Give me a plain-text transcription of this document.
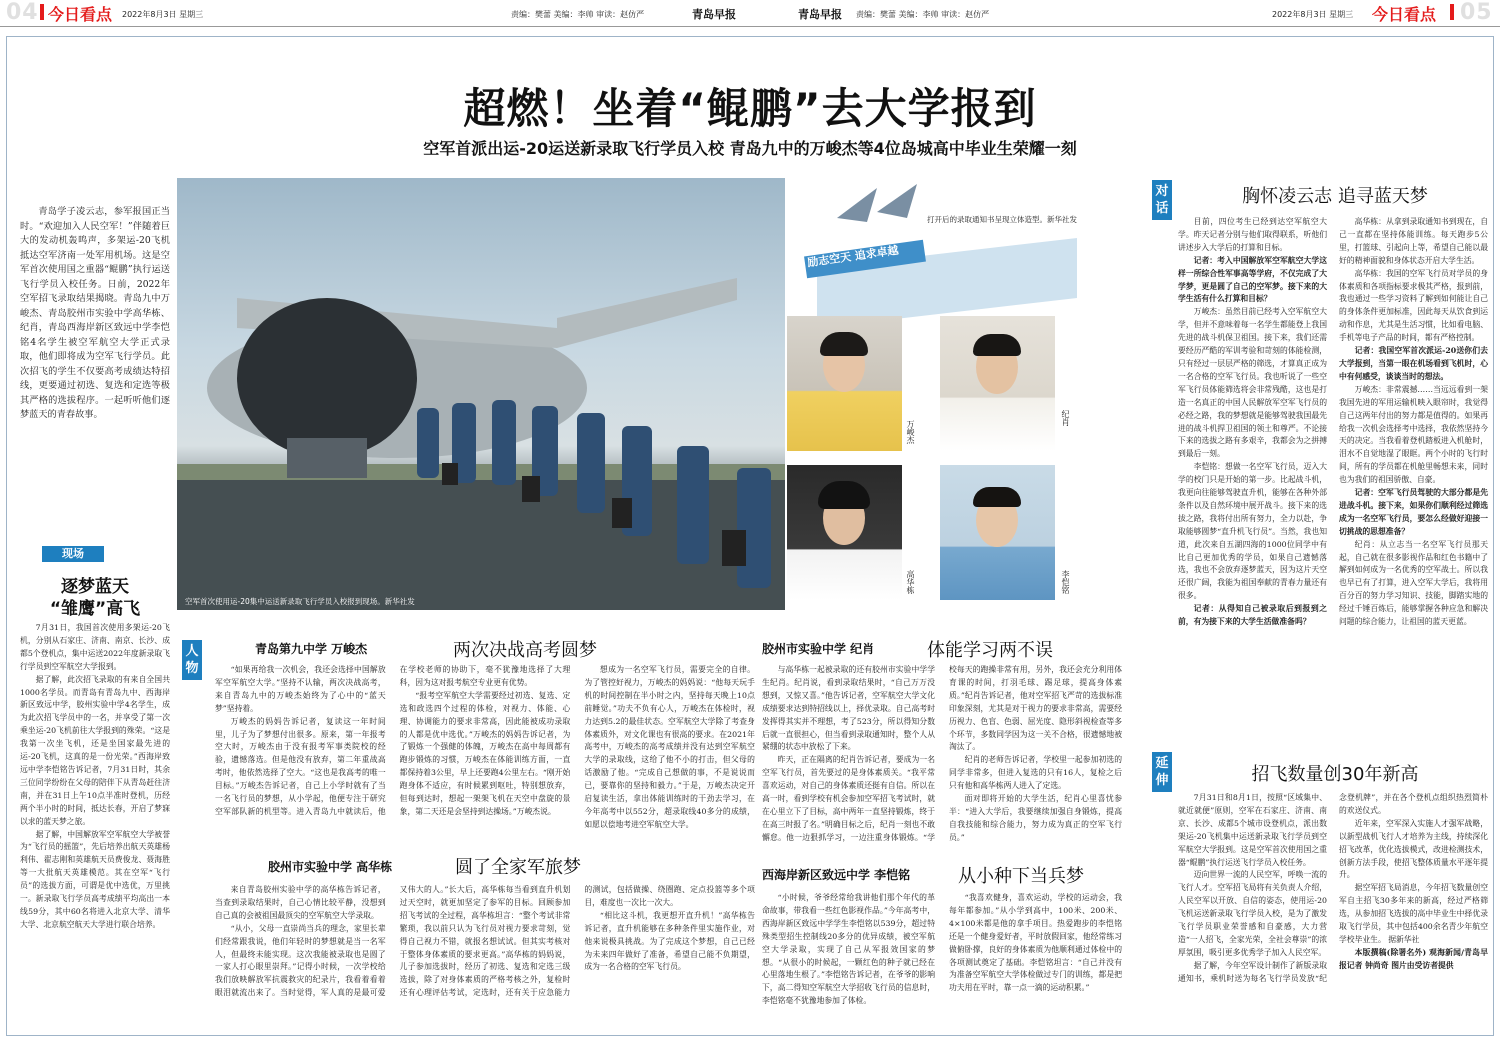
04 今日看点 2022年8月3日 星期三	责编：樊蕾 美编：李帅 审读：赵仿严	青岛早报	青岛早报 责编：樊蕾 美编：李帅 审读：赵仿严	2022年8月3日 星期三 今日看点 05
超燃！坐着“鲲鹏”去大学报到
空军首派出运-20运送新录取飞行学员入校 青岛九中的万峻杰等4位岛城高中毕业生荣耀一刻
青岛学子凌云志，参军报国正当时。“欢迎加入人民空军！”伴随着巨大的发动机轰鸣声，多架运-20飞机抵达空军济南一处军用机场。这是空军首次使用国之重器“鲲鹏”执行运送飞行学员入校任务。日前，2022年空军招飞录取结果揭晓。青岛九中万峻杰、青岛胶州市实验中学高华栋、纪肖，青岛西海岸新区致远中学李恺铭4名学生被空军航空大学正式录取，他们即将成为空军飞行学员。此次招飞的学生不仅要高考成绩达特招线，更要通过初选、复选和定选等极其严格的选拔程序。一起听听他们逐梦蓝天的青春故事。
现场
逐梦蓝天
“雏鹰”高飞

7月31日，我国首次使用多架运-20飞机，分别从石家庄、济南、南京、长沙、成都5个登机点，集中运送2022年度新录取飞行学员到空军航空大学报到。

据了解，此次招飞录取的有来自全国共1000名学员。而青岛有青岛九中、西海岸新区致远中学，胶州实验中学4名学生，成为此次招飞学员中的一名，并享受了第一次乘坐运-20飞机前往大学报到的殊荣。“这是我第一次坐飞机，还是坐国家最先进的运-20飞机，这真的是一份光荣。”西海岸致远中学李恺铭告诉记者，7月31日时，其余三位同学纷纷在父母的陪伴下从青岛赶往济南，并在31日上午10点半准时登机，历经两个半小时的时间，抵达长春，开启了梦寐以求的蓝天梦之旅。

据了解，中国解放军空军航空大学被誉为“飞行员的摇篮”，先后培养出航天英雄杨利伟、翟志刚和英雄航天员费俊龙、聂海胜等一大批航天英雄模范。其在空军“飞行员”的选拔方面，可谓是优中选优，万里挑一。新录取飞行学员高考成绩平均高出一本线59分，其中60名将进入北京大学、清华大学、北京航空航天大学进行联合培养。

励志空天 追求卓越
打开后的录取通知书呈现立体造型。新华社发
空军首次使用运-20集中运送新录取飞行学员入校报到现场。新华社发
万峻杰
纪肖
高华栋	李恺铭
人物
青岛第九中学 万峻杰	两次决战高考圆梦

“如果再给我一次机会，我还会选择中国解放军空军航空大学。”坚持不认输，两次决战高考，来自青岛九中的万峻杰始终为了心中的“蓝天梦”坚持着。

万峻杰的妈妈告诉记者，复读这一年时间里，儿子为了梦想付出很多。原来，第一年报考空大时，万峻杰由于没有报考军事类院校的经验，遗憾落选。但是他没有放弃，第二年重战高考时，他依然选择了空大。“这也是我高考的唯一目标。”万峻杰告诉记者，自己上小学时就有了当一名飞行员的梦想，从小学起，他便专注于研究空军部队新的机型等。进入青岛九中就读后，他在学校老师的协助下，毫不犹豫地选择了大理科，因为这对报考航空专业更有优势。

“报考空军航空大学需要经过初选、复选、定选和政选四个过程的体检，对视力、体能、心理、协调能力的要求非常高，因此能被成功录取的人都是优中选优。”万峻杰的妈妈告诉记者，为了锻炼一个强健的体魄，万峻杰在高中每周都有跑步锻炼的习惯，万峻杰在体能训练方面，一直都保持着3公里，早上还要跑4公里左右。“刚开始跑身体不适应，有时候累到呕吐，特别想放弃，但每到达时，想起一架架飞机在天空中盘旋的景象，第二天还是会坚持到达操场。”万峻杰说。

想成为一名空军飞行员，需要完全的自律。为了管控好视力，万峻杰的妈妈说：“他每天玩手机的时间控制在半小时之内，坚持每天晚上10点前睡觉。”功夫不负有心人，万峻杰在体检时，视力达到5.2的最佳状态。空军航空大学除了考查身体素质外，对文化课也有很高的要求。在2021年高考中，万峻杰的高考成绩并没有达到空军航空大学的录取线，这给了他不小的打击，但父母的话激励了他。“完成自己想做的事，不是说说而已，要靠你的坚持和毅力。”于是，万峻杰决定开启复读生活，拿出体能训练时的干劲去学习，在今年高考中以552分，超录取线40多分的成绩，如愿以偿地考进空军航空大学。

胶州市实验中学 纪肖	体能学习两不误

与高华栋一起被录取的还有胶州市实验中学学生纪肖。纪肖说，看到录取结果时，“自己万万没想到，又惊又喜。”他告诉记者，空军航空大学文化成绩要求达到特招线以上，择优录取。自己高考时发挥得其实并不理想，考了523分，所以得知分数后就一直很担心，但当看到录取通知时，整个人从紧绷的状态中放松了下来。

昨天，正在隔离的纪肖告诉记者，要成为一名空军飞行员，首先要过的是身体素质关。“我平常喜欢运动，对自己的身体素质还挺有自信。所以在高一时，看到学校有机会参加空军招飞考试时，就在心里立下了目标，高中两年一直坚持锻炼，终于在高三时报了名。”明确目标之后，纪肖一刻也不敢懈怠。他一边狠抓学习，一边注重身体锻炼。“学校每天的跑操非常有用，另外，我还会充分利用体育课的时间，打羽毛球、踢足球，提高身体素质。”纪肖告诉记者，他对空军招飞严苛的选拔标准印象深刻，尤其是对于视力的要求非常高，需要经历视力、色盲、色弱、屈光度、隐形斜视检查等多个环节，多数同学因为这一关不合格，很遗憾地被淘汰了。

纪肖的老师告诉记者，学校里一起参加初选的同学非常多，但进入复选的只有16人，复检之后只有他和高华栋两人进入了定选。

面对即将开始的大学生活，纪肖心里喜忧参半：“进入大学后，我要继续加强自身锻炼，提高自我技能和综合能力，努力成为真正的空军飞行员。”

胶州市实验中学 高华栋	圆了全家军旅梦

来自青岛胶州实验中学的高华栋告诉记者，当查到录取结果时，自己心情比较平静，没想到自己真的会被祖国最顶尖的空军航空大学录取。

“从小，父母一直崇尚当兵的理念，家里长辈们经常跟我说，他们年轻时的梦想就是当一名军人，但最终未能实现。这次我能被录取也是圆了一家人打心眼里崇拜。”记得小时候，一次学校给我们放映解放军抗震救灾的纪录片，我看着看着眼泪就流出来了。当时觉得，军人真的是最可爱又伟大的人。”长大后，高华栋每当看到直升机划过天空时，就更加坚定了参军的目标。回顾参加招飞考试的全过程，高华栋坦言：“整个考试非常繁琐，我以前只认为飞行员对视力要求苛刻，觉得自己视力不错，就报名想试试。但其实考核对于整体身体素质的要求更高。”高华栋的妈妈说，儿子参加选拔时，经历了初选、复选和定选三级选拔，除了对身体素质的严格考核之外，复检时还有心理评估考试，定选时，还有关于应急能力的测试，包括做操、绕圈跑、定点投篮等多个项目，难度也一次比一次大。

“相比这斗机，我更想开直升机！”高华栋告诉记者，直升机能够在多种条件里实施作业，对他来说极具挑战。为了完成这个梦想，自己已经为未来四年做好了准备，希望自己能不负期望，成为一名合格的空军飞行员。

西海岸新区致远中学 李恺铭	从小种下当兵梦

“小时候，爷爷经常给我讲他们那个年代的革命故事，带我看一些红色影视作品。”今年高考中，西海岸新区致远中学学生李恺铭以539分，超过特殊类型招生控制线20多分的优异成绩，被空军航空大学录取，实现了自己从军报效国家的梦想。“从很小的时候起，一颗红色的种子就已经在心里落地生根了。”李恺铭告诉记者，在爷爷的影响下，高二得知空军航空大学招收飞行员的信息时，李恺铭毫不犹豫地参加了体检。

“我喜欢健身，喜欢运动，学校的运动会，我每年都参加。”从小学到高中，100米、200米、4×100米都是他的拿手项目。热爱跑步的李恺铭还是一个健身爱好者，平时放假回家，他经常练习做俯卧撑，良好的身体素质为他顺利通过体检中的各项测试奠定了基础。李恺铭坦言：“自己并没有为准备空军航空大学体检做过专门的训练，都是把功夫用在平时，靠一点一滴的运动积累。”

对话
胸怀凌云志 追寻蓝天梦

目前，四位考生已经到达空军航空大学。昨天记者分别与他们取得联系，听他们讲述步入大学后的打算和目标。

记者：考入中国解放军空军航空大学这样一所综合性军事高等学府，不仅完成了大学梦，更是圆了自己的空军梦。接下来的大学生活有什么打算和目标？

万峻杰：虽然目前已经考入空军航空大学，但并不意味着每一名学生都能登上我国先进的战斗机保卫祖国。接下来，我们还需要经历严酷的军训考验和苛刻的体能检测，只有经过一层层严格的筛选，才算真正成为一名合格的空军飞行员。我也听说了一些空军飞行员体能筛选将会非常残酷，这也是打造一名真正的中国人民解放军空军飞行员的必经之路，我的梦想就是能够驾驶我国最先进的战斗机捍卫祖国的领土和尊严。不论接下来的选拔之路有多艰辛，我都会为之拼搏到最后一刻。

李恺铭：想做一名空军飞行员，迈入大学的校门只是开始的第一步。比起战斗机，我更向往能够驾驶直升机，能够在各种外部条件以及自然环境中展开战斗。接下来的选拔之路，我将付出所有努力，全力以赴，争取能够圆梦“直升机飞行员”。当然，我也知道，此次来自五湖四海的1000位同学中有比自己更加优秀的学员，如果自己遗憾落选，我也不会放弃逐梦蓝天，因为这片天空还很广阔，我能为祖国奉献的青春力量还有很多。

记者：从得知自己被录取后到报到之前，有为接下来的大学生活做准备吗？

高华栋：从拿到录取通知书到现在，自己一直都在坚持体能训练。每天跑步5公里，打篮球、引起向上等，希望自己能以最好的精神面貌和身体状态开启大学生活。

高华栋：我国的空军飞行员对学员的身体素质和各项指标要求极其严格，报到前，我也通过一些学习资料了解到如何能让自己的身体条件更加标准，因此每天从饮食到运动和作息，尤其是生活习惯，比如看电脑、手机等电子产品的时间，都有严格控制。

记者：我国空军首次派运-20送你们去大学报到，当第一眼在机场看到飞机时，心中有何感受，谈谈当时的想法。

万峻杰：非常震撼……当远远看到一架我国先进的军用运输机映入眼帘时，我觉得自己这两年付出的努力都是值得的。如果再给我一次机会选择考中选择，我依然坚持今天的决定。当我看着登机踏板进入机舱时，泪水不自觉地湿了眼眶。两个小时的飞行时间，所有的学员都在机舱里畅想未来，同时也为我们的祖国骄傲、自豪。

记者：空军飞行员驾驶的大部分都是先进战斗机。接下来，如果你们顺利经过筛选成为一名空军飞行员，要怎么经做好迎接一切挑战的思想准备？

纪肖：从立志当一名空军飞行员那天起，自己就在很多影视作品和红色书籍中了解到如何成为一名优秀的空军战士。所以我也早已有了打算，进入空军大学后，我将用百分百的努力学习知识、技能，脚踏实地的经过千锤百炼后，能够掌握各种应急和解决问题的综合能力，让祖国的蓝天更蓝。

延伸	招飞数量创30年新高

7月31日和8月1日，按照“区域集中、就近就便”原则，空军在石家庄、济南、南京、长沙、成都5个城市设登机点，派出数架运-20飞机集中运送新录取飞行学员到空军航空大学报到。这是空军首次使用国之重器“鲲鹏”执行运送飞行学员入校任务。

迈向世界一流的人民空军，呼唤一流的飞行人才。空军招飞局将有关负责人介绍，人民空军以开放、自信的姿态，使用运-20飞机运送新录取飞行学员入校，是为了激发飞行学员职业荣誉感和自豪感，大力营造“一人招飞，全家光荣，全社会尊崇”的浓厚氛围，吸引更多优秀学子加入人民空军。

据了解，今年空军设计制作了新版录取通知书，乘机时送为每名飞行学员发放“纪念登机牌”，并在各个登机点组织热烈简朴的欢送仪式。

近年来，空军深入实施人才强军战略，以新型战机飞行人才培养为主线，持续深化招飞改革，优化选拔模式，改进检测技术，创新方法手段，使招飞整体质量水平逐年提升。

据空军招飞局消息，今年招飞数量创空军自主招飞30多年来的新高，经过严格筛选，从参加招飞选拔的高中毕业生中择优录取飞行学员，其中包括400余名青少年航空学校毕业生。 据新华社

本版撰稿(除署名外) 观海新闻/青岛早报记者 钟尚奇 图片由受访者提供
